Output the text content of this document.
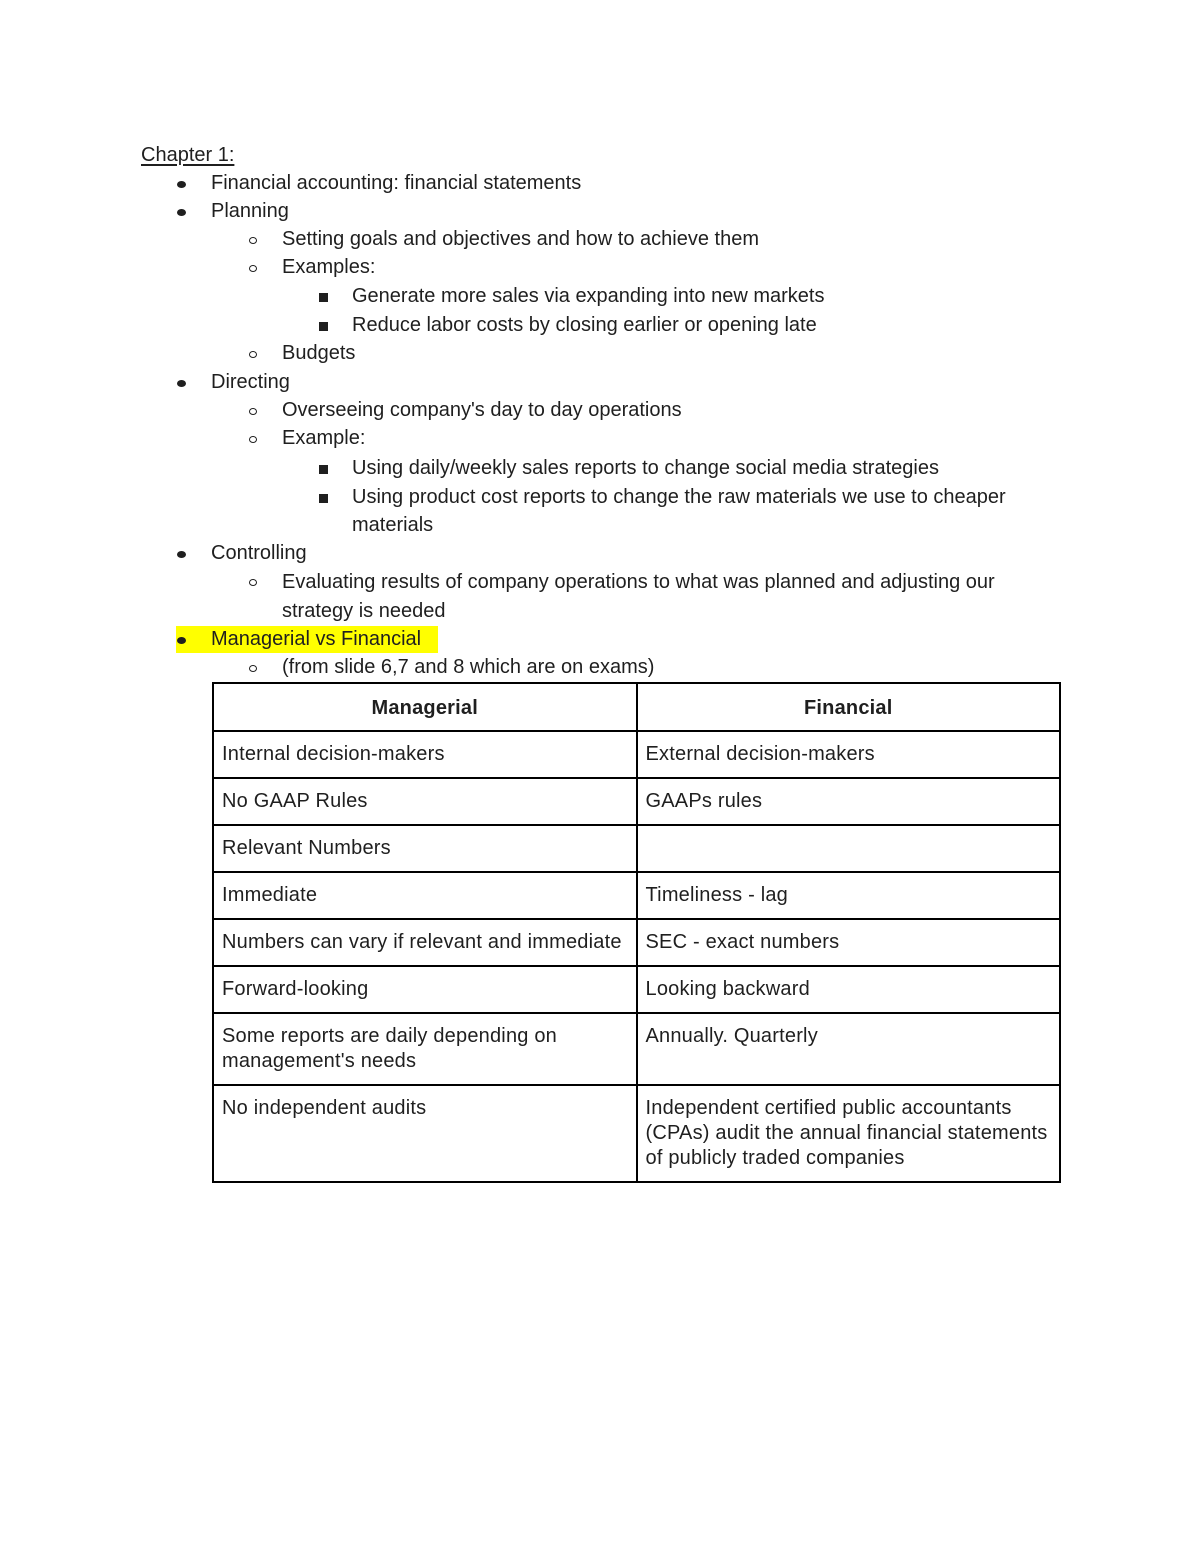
Chapter 1:
Financial accounting: financial statements
Planning
Setting goals and objectives and how to achieve them
Examples:
Generate more sales via expanding into new markets
Reduce labor costs by closing earlier or opening late
Budgets
Directing
Overseeing company's day to day operations
Example:
Using daily/weekly sales reports to change social media strategies
Using product cost reports to change the raw materials we use to cheaper
materials
Controlling
Evaluating results of company operations to what was planned and adjusting our
strategy is needed
Managerial vs Financial
(from slide 6,7 and 8 which are on exams)
Managerial	Financial
Internal decision-makers	External decision-makers
No GAAP Rules	GAAPs rules
Relevant Numbers	
Immediate	Timeliness - lag
Numbers can vary if relevant and immediate	SEC - exact numbers
Forward-looking	Looking backward
Some reports are daily depending on management's needs	Annually. Quarterly
No independent audits	Independent certified public accountants (CPAs) audit the annual financial statements of publicly traded companies
